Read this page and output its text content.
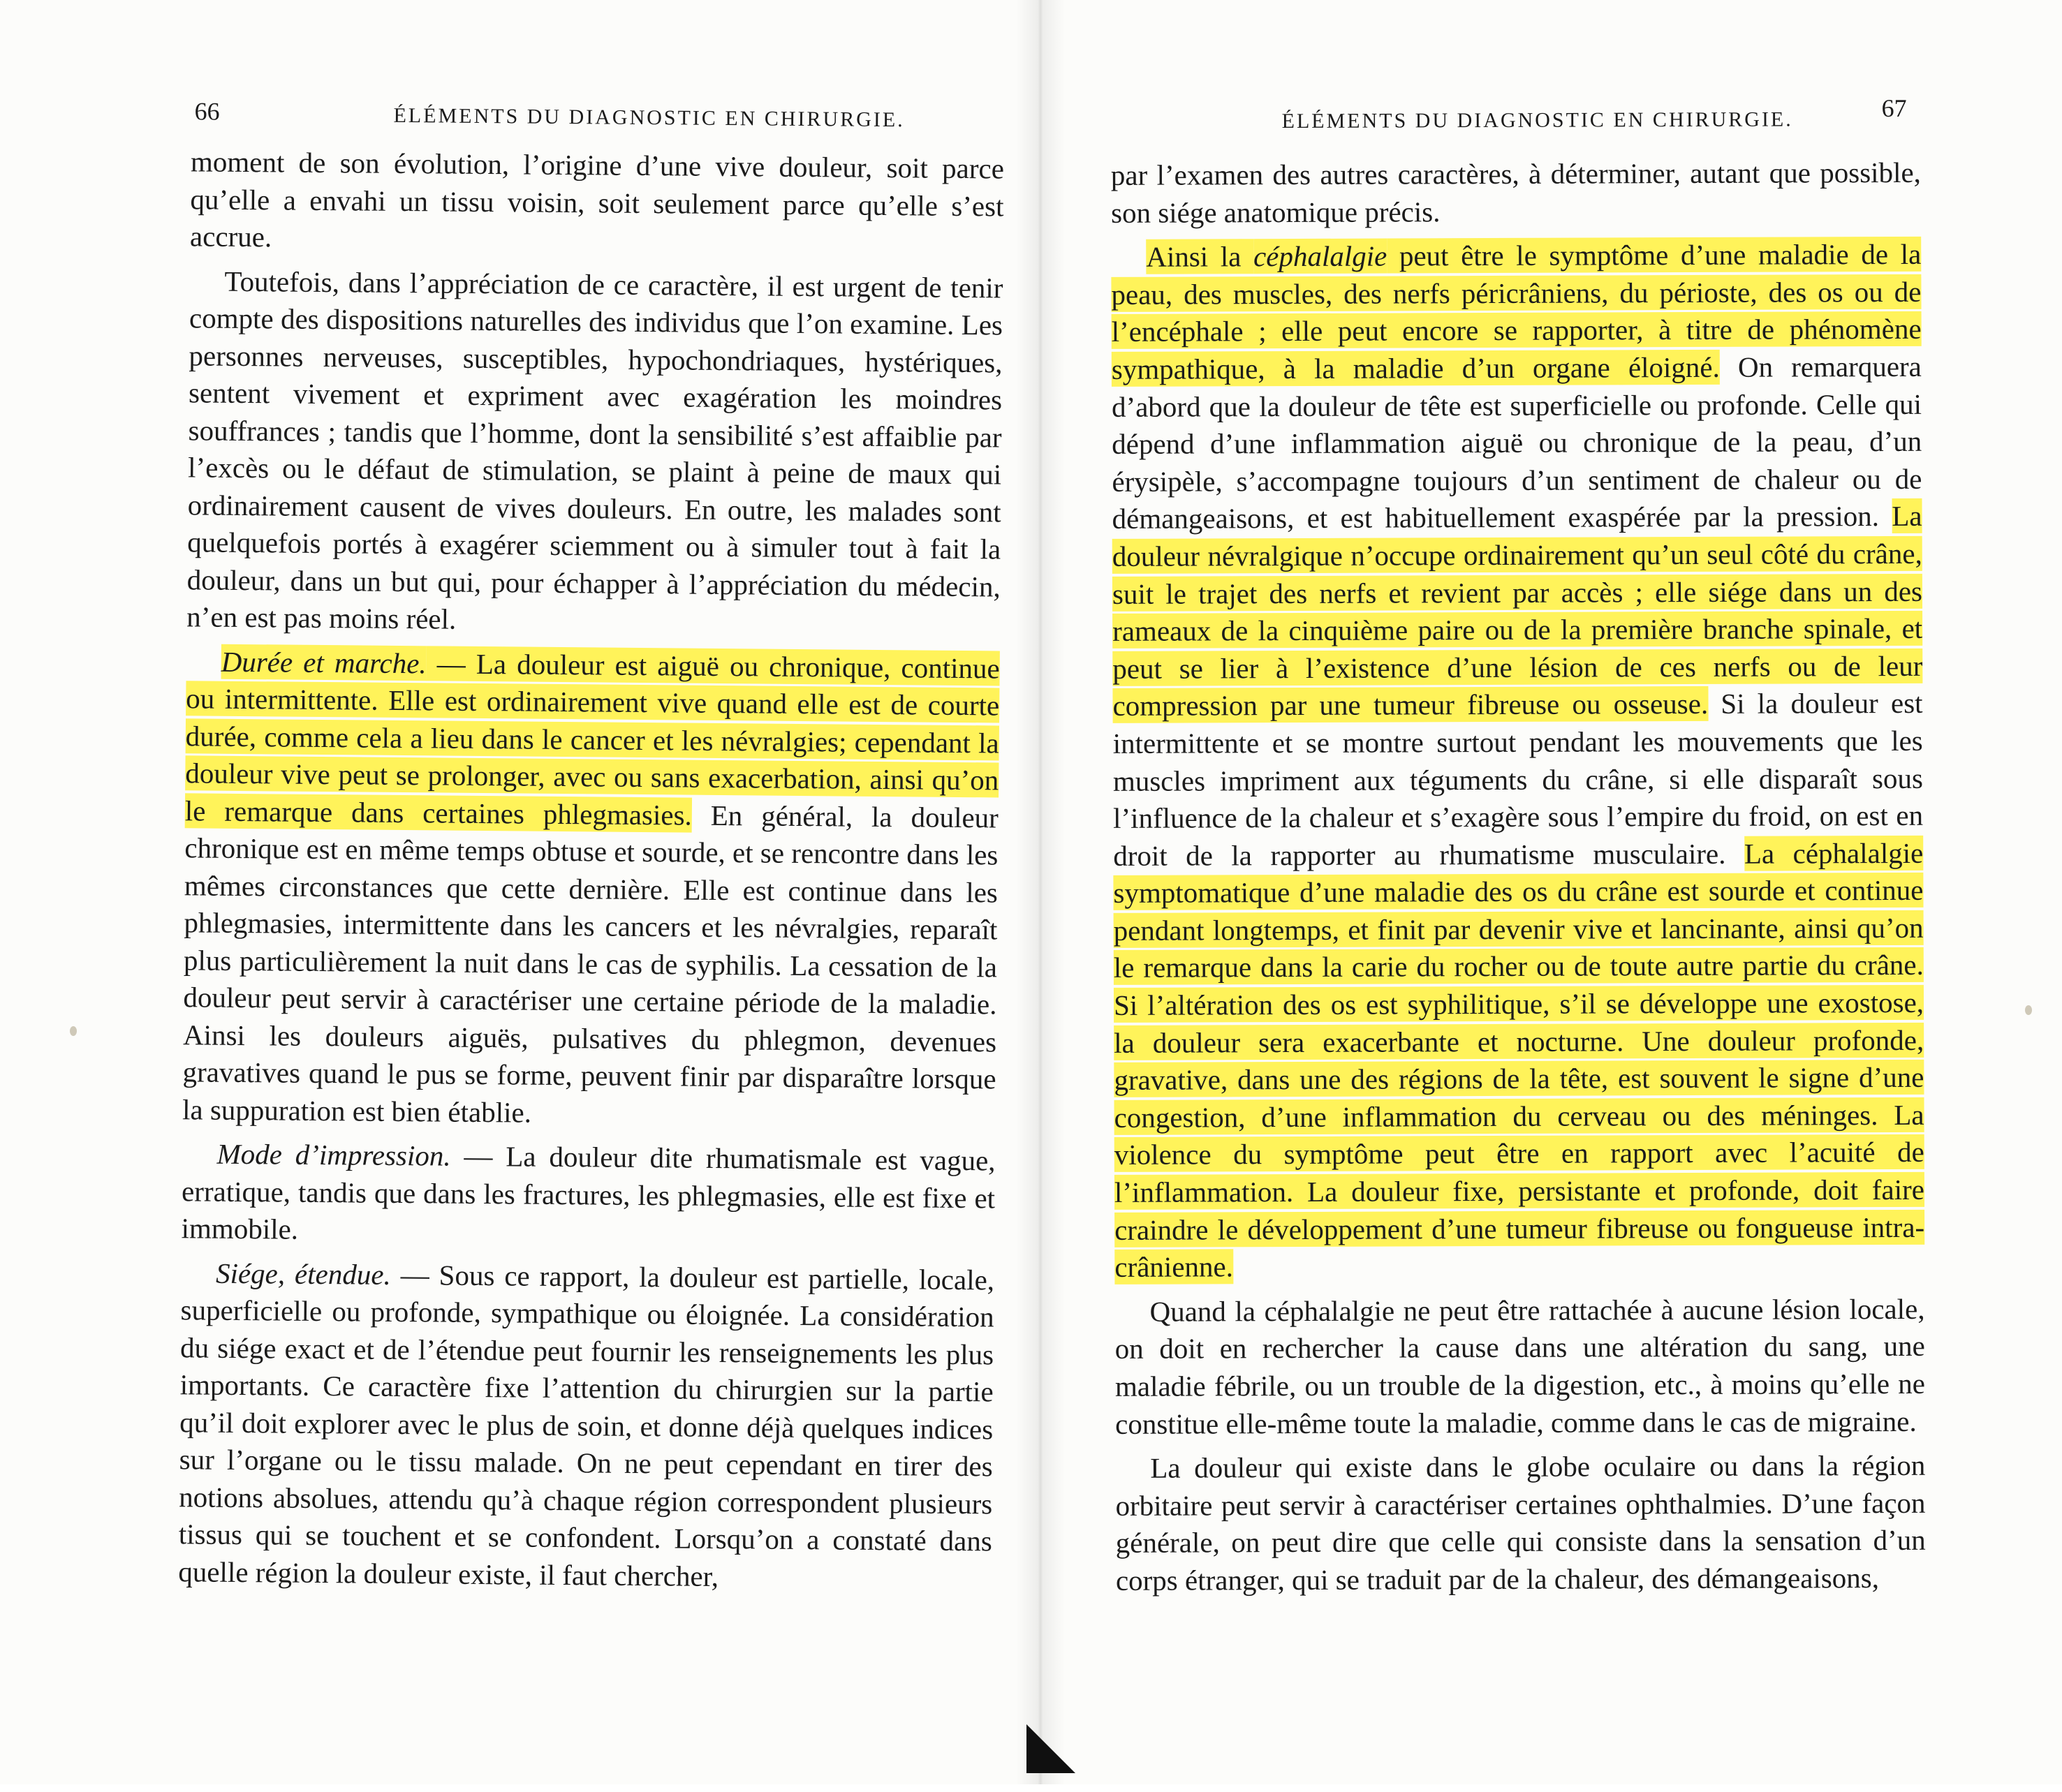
66	ÉLÉMENTS DU DIAGNOSTIC EN CHIRURGIE.

moment de son évolution, l’origine d’une vive douleur, soit parce qu’elle a envahi un tissu voisin, soit seulement parce qu’elle s’est accrue.

Toutefois, dans l’appréciation de ce caractère, il est urgent de tenir compte des dispositions naturelles des individus que l’on examine. Les personnes nerveuses, susceptibles, hypochondriaques, hystériques, sentent vivement et expriment avec exagération les moindres souffrances ; tandis que l’homme, dont la sensibilité s’est affaiblie par l’excès ou le défaut de stimulation, se plaint à peine de maux qui ordinairement causent de vives douleurs. En outre, les malades sont quelquefois portés à exagérer sciemment ou à simuler tout à fait la douleur, dans un but qui, pour échapper à l’appréciation du médecin, n’en est pas moins réel.

Durée et marche. — La douleur est aiguë ou chronique, continue ou intermittente. Elle est ordinairement vive quand elle est de courte durée, comme cela a lieu dans le cancer et les névralgies; cependant la douleur vive peut se prolonger, avec ou sans exacerbation, ainsi qu’on le remarque dans certaines phlegmasies. En général, la douleur chronique est en même temps obtuse et sourde, et se rencontre dans les mêmes circonstances que cette dernière. Elle est continue dans les phlegmasies, intermittente dans les cancers et les névralgies, reparaît plus particulièrement la nuit dans le cas de syphilis. La cessation de la douleur peut servir à caractériser une certaine période de la maladie. Ainsi les douleurs aiguës, pulsatives du phlegmon, devenues gravatives quand le pus se forme, peuvent finir par disparaître lorsque la suppuration est bien établie.

Mode d’impression. — La douleur dite rhumatismale est vague, erratique, tandis que dans les fractures, les phlegmasies, elle est fixe et immobile.

Siége, étendue. — Sous ce rapport, la douleur est partielle, locale, superficielle ou profonde, sympathique ou éloignée. La considération du siége exact et de l’étendue peut fournir les renseignements les plus importants. Ce caractère fixe l’attention du chirurgien sur la partie qu’il doit explorer avec le plus de soin, et donne déjà quelques indices sur l’organe ou le tissu malade. On ne peut cependant en tirer des notions absolues, attendu qu’à chaque région correspondent plusieurs tissus qui se touchent et se confondent. Lorsqu’on a constaté dans quelle région la douleur existe, il faut chercher,

ÉLÉMENTS DU DIAGNOSTIC EN CHIRURGIE.	67

par l’examen des autres caractères, à déterminer, autant que possible, son siége anatomique précis.

Ainsi la céphalalgie peut être le symptôme d’une maladie de la peau, des muscles, des nerfs péricrâniens, du périoste, des os ou de l’encéphale ; elle peut encore se rapporter, à titre de phénomène sympathique, à la maladie d’un organe éloigné. On remarquera d’abord que la douleur de tête est superficielle ou profonde. Celle qui dépend d’une inflammation aiguë ou chronique de la peau, d’un érysipèle, s’accompagne toujours d’un sentiment de chaleur ou de démangeaisons, et est habituellement exaspérée par la pression. La douleur névralgique n’occupe ordinairement qu’un seul côté du crâne, suit le trajet des nerfs et revient par accès ; elle siége dans un des rameaux de la cinquième paire ou de la première branche spinale, et peut se lier à l’existence d’une lésion de ces nerfs ou de leur compression par une tumeur fibreuse ou osseuse. Si la douleur est intermittente et se montre surtout pendant les mouvements que les muscles impriment aux téguments du crâne, si elle disparaît sous l’influence de la chaleur et s’exagère sous l’empire du froid, on est en droit de la rapporter au rhumatisme musculaire. La céphalalgie symptomatique d’une maladie des os du crâne est sourde et continue pendant longtemps, et finit par devenir vive et lancinante, ainsi qu’on le remarque dans la carie du rocher ou de toute autre partie du crâne. Si l’altération des os est syphilitique, s’il se développe une exostose, la douleur sera exacerbante et nocturne. Une douleur profonde, gravative, dans une des régions de la tête, est souvent le signe d’une congestion, d’une inflammation du cerveau ou des méninges. La violence du symptôme peut être en rapport avec l’acuité de l’inflammation. La douleur fixe, persistante et profonde, doit faire craindre le développement d’une tumeur fibreuse ou fongueuse intra-crânienne.

Quand la céphalalgie ne peut être rattachée à aucune lésion locale, on doit en rechercher la cause dans une altération du sang, une maladie fébrile, ou un trouble de la digestion, etc., à moins qu’elle ne constitue elle-même toute la maladie, comme dans le cas de migraine.

La douleur qui existe dans le globe oculaire ou dans la région orbitaire peut servir à caractériser certaines ophthalmies. D’une façon générale, on peut dire que celle qui consiste dans la sensation d’un corps étranger, qui se traduit par de la chaleur, des démangeaisons,
